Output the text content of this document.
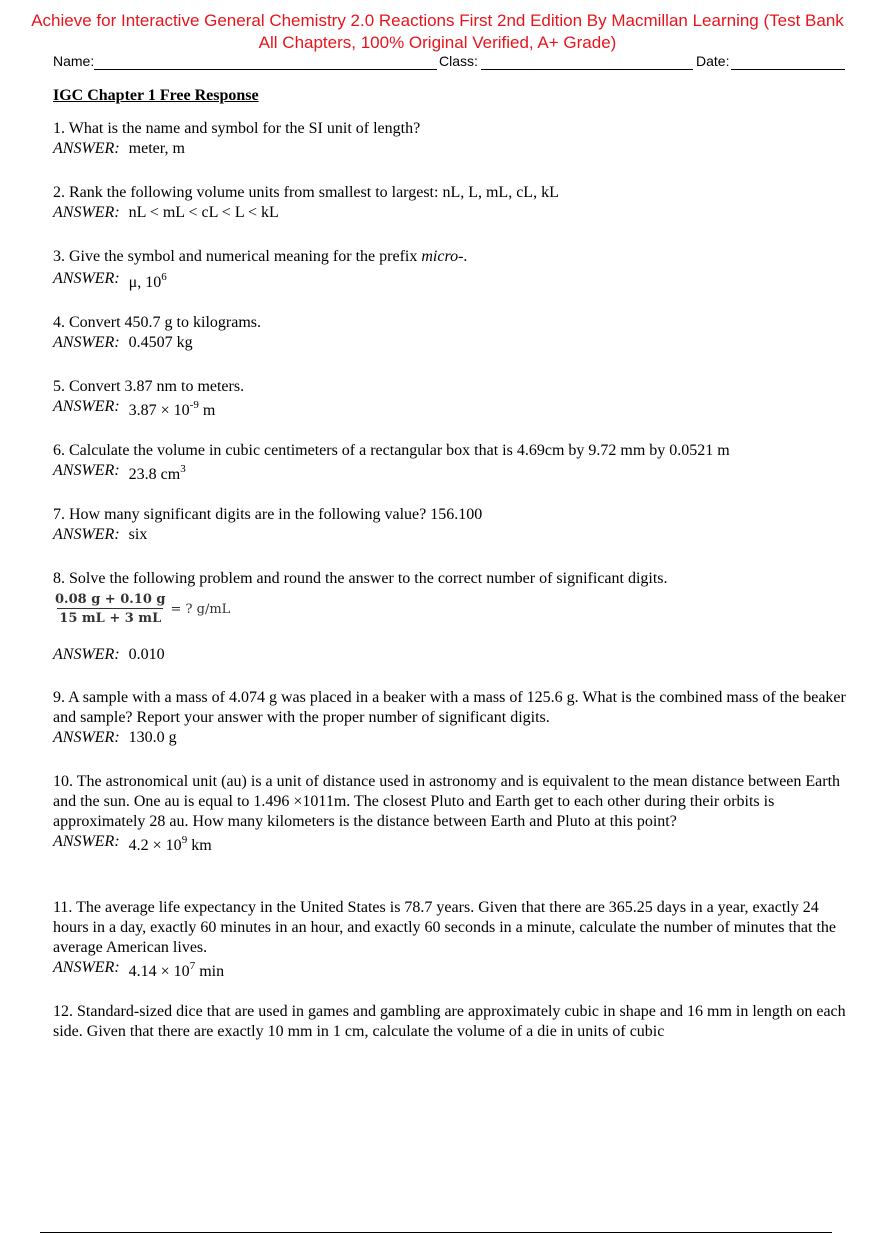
Achieve for Interactive General Chemistry 2.0 Reactions First 2nd Edition By Macmillan Learning (Test Bank
All Chapters, 100% Original Verified, A+ Grade)
Name:	Class:	Date:
IGC Chapter 1 Free Response
1. What is the name and symbol for the SI unit of length?
ANSWER: meter, m
2. Rank the following volume units from smallest to largest: nL, L, mL, cL, kL
ANSWER: nL < mL < cL < L < kL
3. Give the symbol and numerical meaning for the prefix micro-.
ANSWER: μ, $10^6$
4. Convert 450.7 g to kilograms.
ANSWER: 0.4507 kg
5. Convert 3.87 nm to meters.
ANSWER: $3.87 \times 10^{-9}$ m
6. Calculate the volume in cubic centimeters of a rectangular box that is 4.69cm by 9.72 mm by 0.0521 m
ANSWER: 23.8 $cm^3$
7. How many significant digits are in the following value? 156.100
ANSWER: six
8. Solve the following problem and round the answer to the correct number of significant digits.
$\frac{0.08 g + 0.10 g}{15 mL + 3 mL}$ = ? g/mL
ANSWER: 0.010
9. A sample with a mass of 4.074 g was placed in a beaker with a mass of 125.6 g. What is the combined mass of the beaker and sample? Report your answer with the proper number of significant digits.
ANSWER: 130.0 g
10. The astronomical unit (au) is a unit of distance used in astronomy and is equivalent to the mean distance between Earth and the sun. One au is equal to 1.496 ×1011m. The closest Pluto and Earth get to each other during their orbits is approximately 28 au. How many kilometers is the distance between Earth and Pluto at this point?
ANSWER: $4.2 \times 10^9$ km
11. The average life expectancy in the United States is 78.7 years. Given that there are 365.25 days in a year, exactly 24 hours in a day, exactly 60 minutes in an hour, and exactly 60 seconds in a minute, calculate the number of minutes that the average American lives.
ANSWER: $4.14 \times 10^7$ min
12. Standard-sized dice that are used in games and gambling are approximately cubic in shape and 16 mm in length on each side. Given that there are exactly 10 mm in 1 cm, calculate the volume of a die in units of cubic
